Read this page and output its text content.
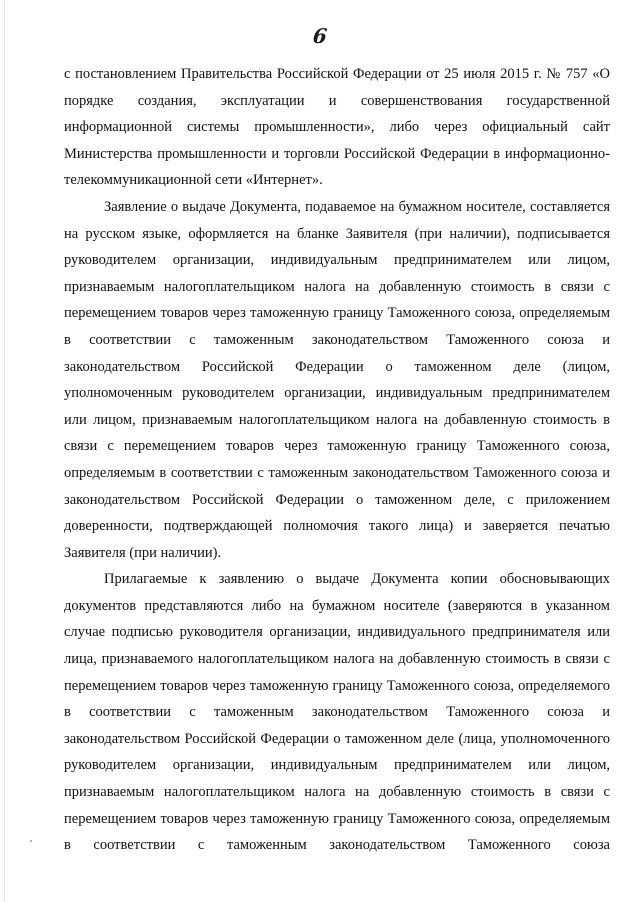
6

с постановлением Правительства Российской Федерации от 25 июля 2015 г. № 757 «О порядке создания, эксплуатации и совершенствования государственной информационной системы промышленности», либо через официальный сайт Министерства промышленности и торговли Российской Федерации в информационно-телекоммуникационной сети «Интернет».

Заявление о выдаче Документа, подаваемое на бумажном носителе, составляется на русском языке, оформляется на бланке Заявителя (при наличии), подписывается руководителем организации, индивидуальным предпринимателем или лицом, признаваемым налогоплательщиком налога на добавленную стоимость в связи с перемещением товаров через таможенную границу Таможенного союза, определяемым в соответствии с таможенным законодательством Таможенного союза и законодательством Российской Федерации о таможенном деле (лицом, уполномоченным руководителем организации, индивидуальным предпринимателем или лицом, признаваемым налогоплательщиком налога на добавленную стоимость в связи с перемещением товаров через таможенную границу Таможенного союза, определяемым в соответствии с таможенным законодательством Таможенного союза и законодательством Российской Федерации о таможенном деле, с приложением доверенности, подтверждающей полномочия такого лица) и заверяется печатью Заявителя (при наличии).

Прилагаемые к заявлению о выдаче Документа копии обосновывающих документов представляются либо на бумажном носителе (заверяются в указанном случае подписью руководителя организации, индивидуального предпринимателя или лица, признаваемого налогоплательщиком налога на добавленную стоимость в связи с перемещением товаров через таможенную границу Таможенного союза, определяемого в соответствии с таможенным законодательством Таможенного союза и законодательством Российской Федерации о таможенном деле (лица, уполномоченного руководителем организации, индивидуальным предпринимателем или лицом, признаваемым налогоплательщиком налога на добавленную стоимость в связи с перемещением товаров через таможенную границу Таможенного союза, определяемым в соответствии с таможенным законодательством Таможенного союза
